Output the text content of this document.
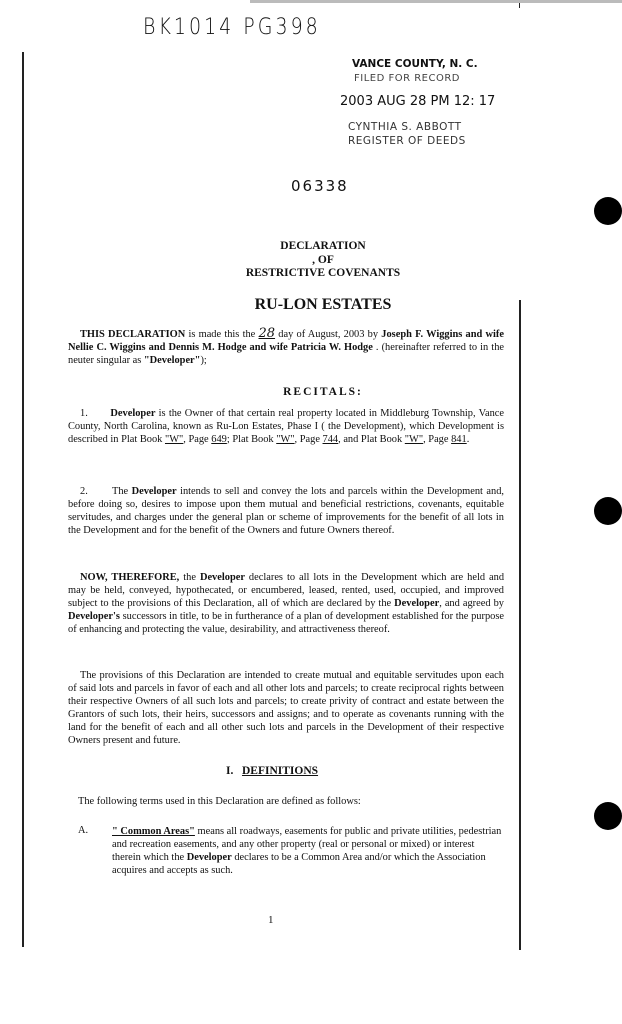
BK1014 PG398
VANCE COUNTY, N. C.
FILED FOR RECORD
2003 AUG 28 PM 12: 17
CYNTHIA S. ABBOTT
REGISTER OF DEEDS
06338
DECLARATION
, OF
RESTRICTIVE COVENANTS
RU-LON ESTATES
THIS DECLARATION is made this the 28 day of August, 2003 by Joseph F. Wiggins and wife Nellie C. Wiggins and Dennis M. Hodge and wife Patricia W. Hodge . (hereinafter referred to in the neuter singular as "Developer");
RECITALS:
1. Developer is the Owner of that certain real property located in Middleburg Township, Vance County, North Carolina, known as Ru-Lon Estates, Phase I ( the Development), which Development is described in Plat Book "W", Page 649; Plat Book "W", Page 744, and Plat Book "W", Page 841.
2. The Developer intends to sell and convey the lots and parcels within the Development and, before doing so, desires to impose upon them mutual and beneficial restrictions, covenants, equitable servitudes, and charges under the general plan or scheme of improvements for the benefit of all lots in the Development and for the benefit of the Owners and future Owners thereof.
NOW, THEREFORE, the Developer declares to all lots in the Development which are held and may be held, conveyed, hypothecated, or encumbered, leased, rented, used, occupied, and improved subject to the provisions of this Declaration, all of which are declared by the Developer, and agreed by Developer's successors in title, to be in furtherance of a plan of development established for the purpose of enhancing and protecting the value, desirability, and attractiveness thereof.
The provisions of this Declaration are intended to create mutual and equitable servitudes upon each of said lots and parcels in favor of each and all other lots and parcels; to create reciprocal rights between their respective Owners of all such lots and parcels; to create privity of contract and estate between the Grantors of such lots, their heirs, successors and assigns; and to operate as covenants running with the land for the benefit of each and all other such lots and parcels in the Development of their respective Owners present and future.
I. DEFINITIONS
The following terms used in this Declaration are defined as follows:
A. " Common Areas" means all roadways, easements for public and private utilities, pedestrian and recreation easements, and any other property (real or personal or mixed) or interest therein which the Developer declares to be a Common Area and/or which the Association acquires and accepts as such.
1
